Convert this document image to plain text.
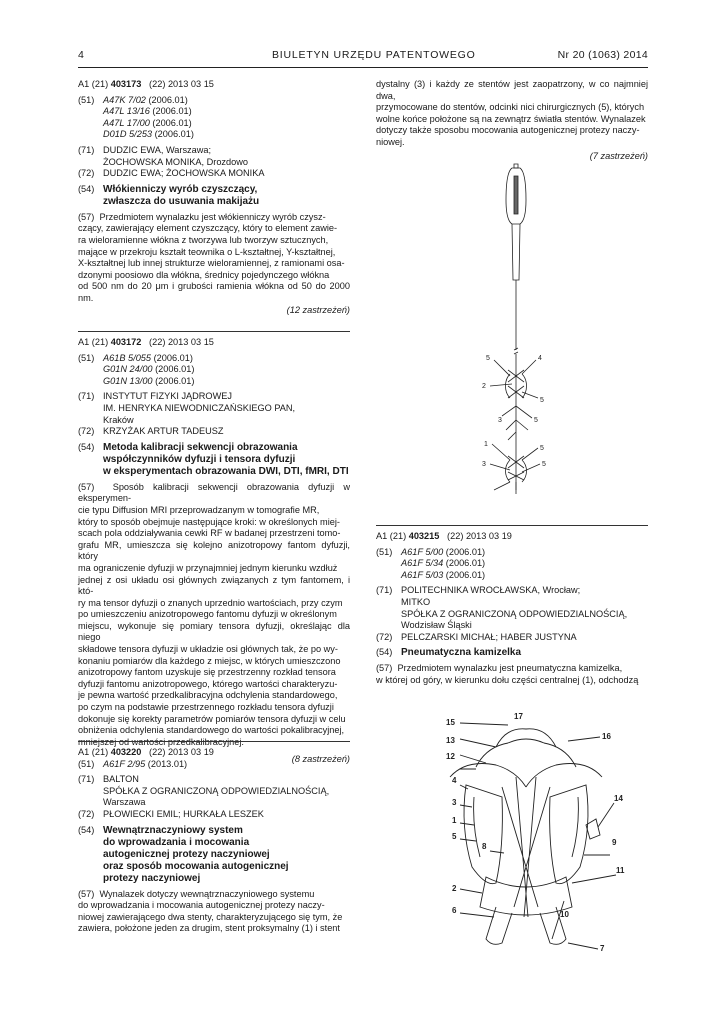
4	BIULETYN URZĘDU PATENTOWEGO	Nr 20 (1063) 2014
A1 (21)
403173
(22) 2013 03 15
(51) A47K 7/02 (2006.01)
A47L 13/16 (2006.01)
A47L 17/00 (2006.01)
D01D 5/253 (2006.01)
(71) DUDZIC EWA, Warszawa;
ŻOCHOWSKA MONIKA, Drozdowo
(72) DUDZIC EWA; ŻOCHOWSKA MONIKA
(54) Włókienniczy wyrób czyszczący,
zwłaszcza do usuwania makijażu
(57) Przedmiotem wynalazku jest włókienniczy wyrób czysz-
czący, zawierający element czyszczący, który to element zawie-
ra wieloramienne włókna z tworzywa lub tworzyw sztucznych,
mające w przekroju kształt teownika o L-kształtnej, Y-kształtnej,
X-kształtnej lub innej strukturze wieloramiennej, z ramionami osa-
dzonymi poosiowo dla włókna, średnicy pojedynczego włókna
od 500 nm do 20 μm i grubości ramienia włókna od 50 do 2000 nm.
(12 zastrzeżeń)
A1 (21)
403172
(22) 2013 03 15
(51) A61B 5/055 (2006.01)
G01N 24/00 (2006.01)
G01N 13/00 (2006.01)
(71) INSTYTUT FIZYKI JĄDROWEJ
IM. HENRYKA NIEWODNICZAŃSKIEGO PAN,
Kraków
(72) KRZYŻAK ARTUR TADEUSZ
(54) Metoda kalibracji sekwencji obrazowania
współczynników dyfuzji i tensora dyfuzji
w eksperymentach obrazowania DWI, DTI, fMRI, DTI
(57) Sposób kalibracji sekwencji obrazowania dyfuzji w eksperymen-
cie typu Diffusion MRI przeprowadzanym w tomografie MR,
który to sposób obejmuje następujące kroki: w określonych miej-
scach pola oddziaływania cewki RF w badanej przestrzeni tomo-
grafu MR, umieszcza się kolejno anizotropowy fantom dyfuzji, który
ma ograniczenie dyfuzji w przynajmniej jednym kierunku wzdłuż
jednej z osi układu osi głównych związanych z tym fantomem, i któ-
ry ma tensor dyfuzji o znanych uprzednio wartościach, przy czym
po umieszczeniu anizotropowego fantomu dyfuzji w określonym
miejscu, wykonuje się pomiary tensora dyfuzji, określając dla niego
składowe tensora dyfuzji w układzie osi głównych tak, że po wy-
konaniu pomiarów dla każdego z miejsc, w których umieszczono
anizotropowy fantom uzyskuje się przestrzenny rozkład tensora
dyfuzji fantomu anizotropowego, którego wartości charakteryzu-
je pewna wartość przedkalibracyjna odchylenia standardowego,
po czym na podstawie przestrzennego rozkładu tensora dyfuzji
dokonuje się korekty parametrów pomiarów tensora dyfuzji w celu
obniżenia odchylenia standardowego do wartości pokalibracyjnej,
mniejszej od wartości przedkalibracyjnej.
(8 zastrzeżeń)
A1 (21)
403220
(22) 2013 03 19
(51) A61F 2/95 (2013.01)
(71) BALTON
SPÓŁKA Z OGRANICZONĄ ODPOWIEDZIALNOŚCIĄ,
Warszawa
(72) PŁOWIECKI EMIL; HURKAŁA LESZEK
(54) Wewnątrznaczyniowy system
do wprowadzania i mocowania
autogenicznej protezy naczyniowej
oraz sposób mocowania autogenicznej
protezy naczyniowej
(57) Wynalazek dotyczy wewnątrznaczyniowego systemu
do wprowadzania i mocowania autogenicznej protezy naczy-
niowej zawierającego dwa stenty, charakteryzującego się tym, że
zawiera, położone jeden za drugim, stent proksymalny (1) i stent
dystalny (3) i każdy ze stentów jest zaopatrzony, w co najmniej dwa,
przymocowane do stentów, odcinki nici chirurgicznych (5), których
wolne końce położone są na zewnątrz światła stentów. Wynalazek
dotyczy także sposobu mocowania autogenicznej protezy naczy-
niowej.
(7 zastrzeżeń)
5	4
2
5
3	5
1
5
3	5
A1 (21)
403215
(22) 2013 03 19
(51) A61F 5/00 (2006.01)
A61F 5/34 (2006.01)
A61F 5/03 (2006.01)
(71) POLITECHNIKA WROCŁAWSKA, Wrocław;
MITKO
SPÓŁKA Z OGRANICZONĄ ODPOWIEDZIALNOŚCIĄ,
Wodzisław Śląski
(72) PELCZARSKI MICHAŁ; HABER JUSTYNA
(54) Pneumatyczna kamizelka
(57) Przedmiotem wynalazku jest pneumatyczna kamizelka,
w której od góry, w kierunku dołu części centralnej (1), odchodzą
17
15
16
13
12
4
14
3
1
9
5
8
11
2
6	10
7
